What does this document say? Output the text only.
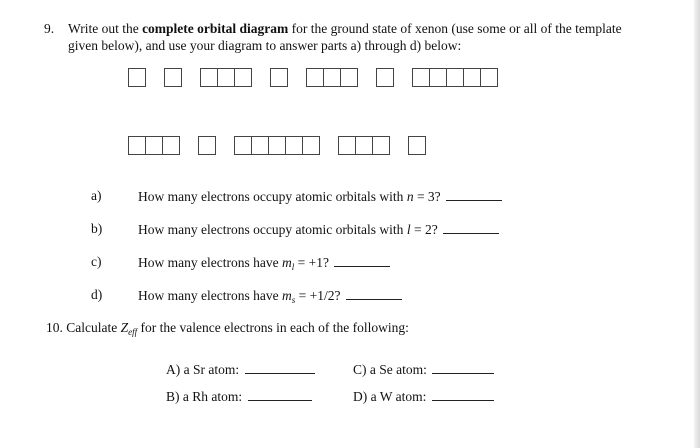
9. Write out the complete orbital diagram for the ground state of xenon (use some or all of the template given below), and use your diagram to answer parts a) through d) below:
a)	How many electrons occupy atomic orbitals with n = 3?
b)	How many electrons occupy atomic orbitals with l = 2?
c)	How many electrons have $m_l = +1$?
d)	How many electrons have $m_s = +1/2$?
10. Calculate $Z_{eff}$ for the valence electrons in each of the following:
A) a Sr atom:
B) a Rh atom:
C) a Se atom:
D) a W atom:
